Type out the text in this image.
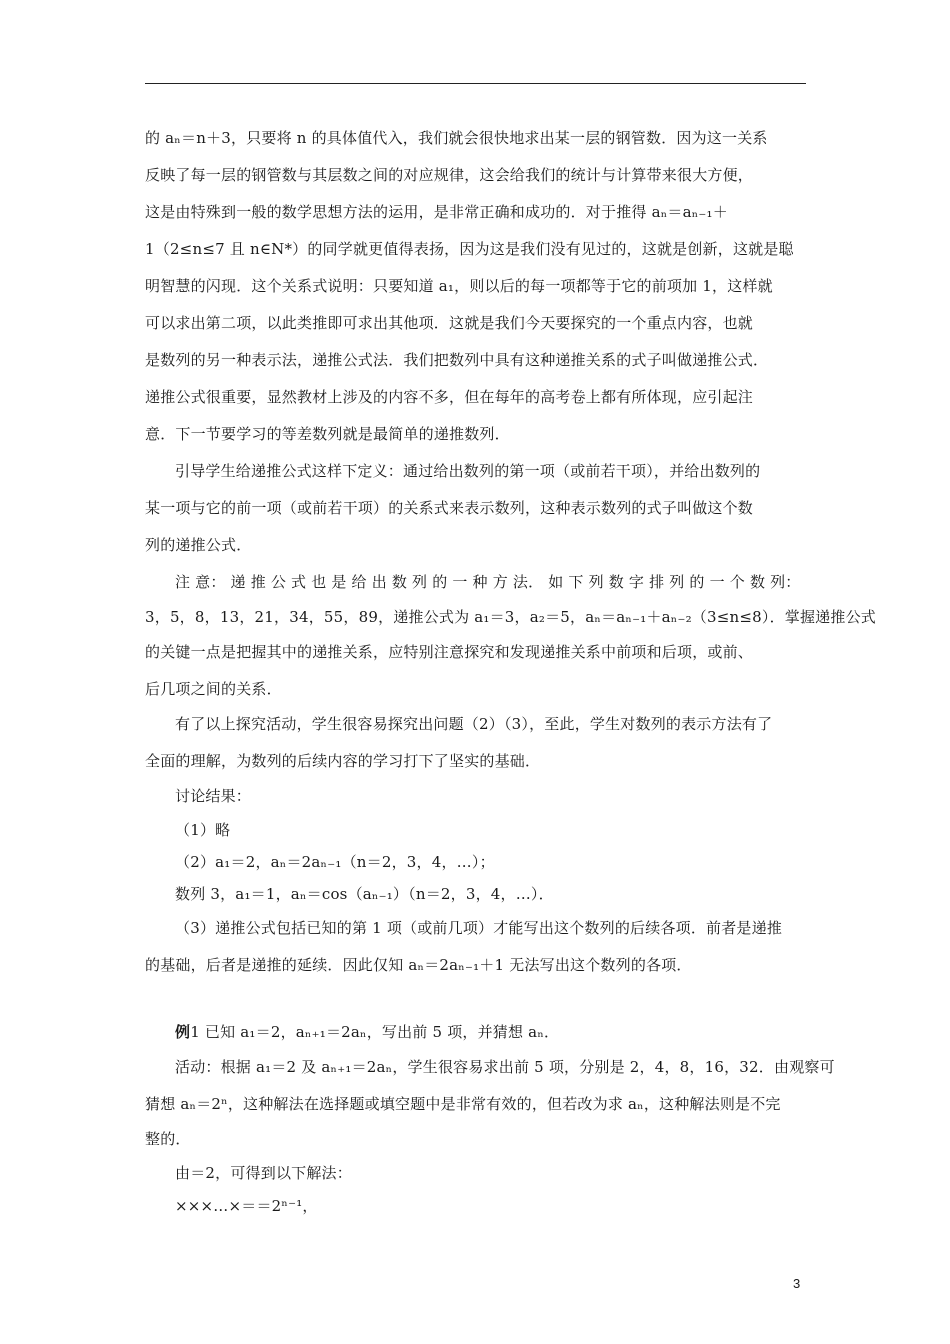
的 aₙ＝n＋3，只要将 n 的具体值代入，我们就会很快地求出某一层的钢管数．因为这一关系
反映了每一层的钢管数与其层数之间的对应规律，这会给我们的统计与计算带来很大方便，
这是由特殊到一般的数学思想方法的运用，是非常正确和成功的．对于推得 aₙ＝aₙ₋₁＋
1（2≤n≤7 且 n∈N*）的同学就更值得表扬，因为这是我们没有见过的，这就是创新，这就是聪
明智慧的闪现．这个关系式说明：只要知道 a₁，则以后的每一项都等于它的前项加 1，这样就
可以求出第二项，以此类推即可求出其他项．这就是我们今天要探究的一个重点内容，也就
是数列的另一种表示法，递推公式法．我们把数列中具有这种递推关系的式子叫做递推公式．
递推公式很重要，显然教材上涉及的内容不多，但在每年的高考卷上都有所体现，应引起注
意．下一节要学习的等差数列就是最简单的递推数列．
引导学生给递推公式这样下定义：通过给出数列的第一项（或前若干项），并给出数列的
某一项与它的前一项（或前若干项）的关系式来表示数列，这种表示数列的式子叫做这个数
列的递推公式．
注 意： 递 推 公 式 也 是 给 出 数 列 的 一 种 方 法． 如 下 列 数 字 排 列 的 一 个 数 列：
3，5，8，13，21，34，55，89，递推公式为 a₁＝3，a₂＝5，aₙ＝aₙ₋₁＋aₙ₋₂（3≤n≤8）．掌握递推公式
的关键一点是把握其中的递推关系，应特别注意探究和发现递推关系中前项和后项，或前、
后几项之间的关系．
有了以上探究活动，学生很容易探究出问题（2）（3），至此，学生对数列的表示方法有了
全面的理解，为数列的后续内容的学习打下了坚实的基础．
讨论结果：
（1）略
（2）a₁＝2，aₙ＝2aₙ₋₁（n＝2，3，4，…）；
数列 3，a₁＝1，aₙ＝cos（aₙ₋₁）（n＝2，3，4，…）．
（3）递推公式包括已知的第 1 项（或前几项）才能写出这个数列的后续各项．前者是递推
的基础，后者是递推的延续．因此仅知 aₙ＝2aₙ₋₁＋1 无法写出这个数列的各项．
例1 已知 a₁＝2，aₙ₊₁＝2aₙ，写出前 5 项，并猜想 aₙ．
活动：根据 a₁＝2 及 aₙ₊₁＝2aₙ，学生很容易求出前 5 项，分别是 2，4，8，16，32．由观察可
猜想 aₙ＝2ⁿ，这种解法在选择题或填空题中是非常有效的，但若改为求 aₙ，这种解法则是不完
整的．
由＝2，可得到以下解法：
×××…×＝＝2ⁿ⁻¹，
3
